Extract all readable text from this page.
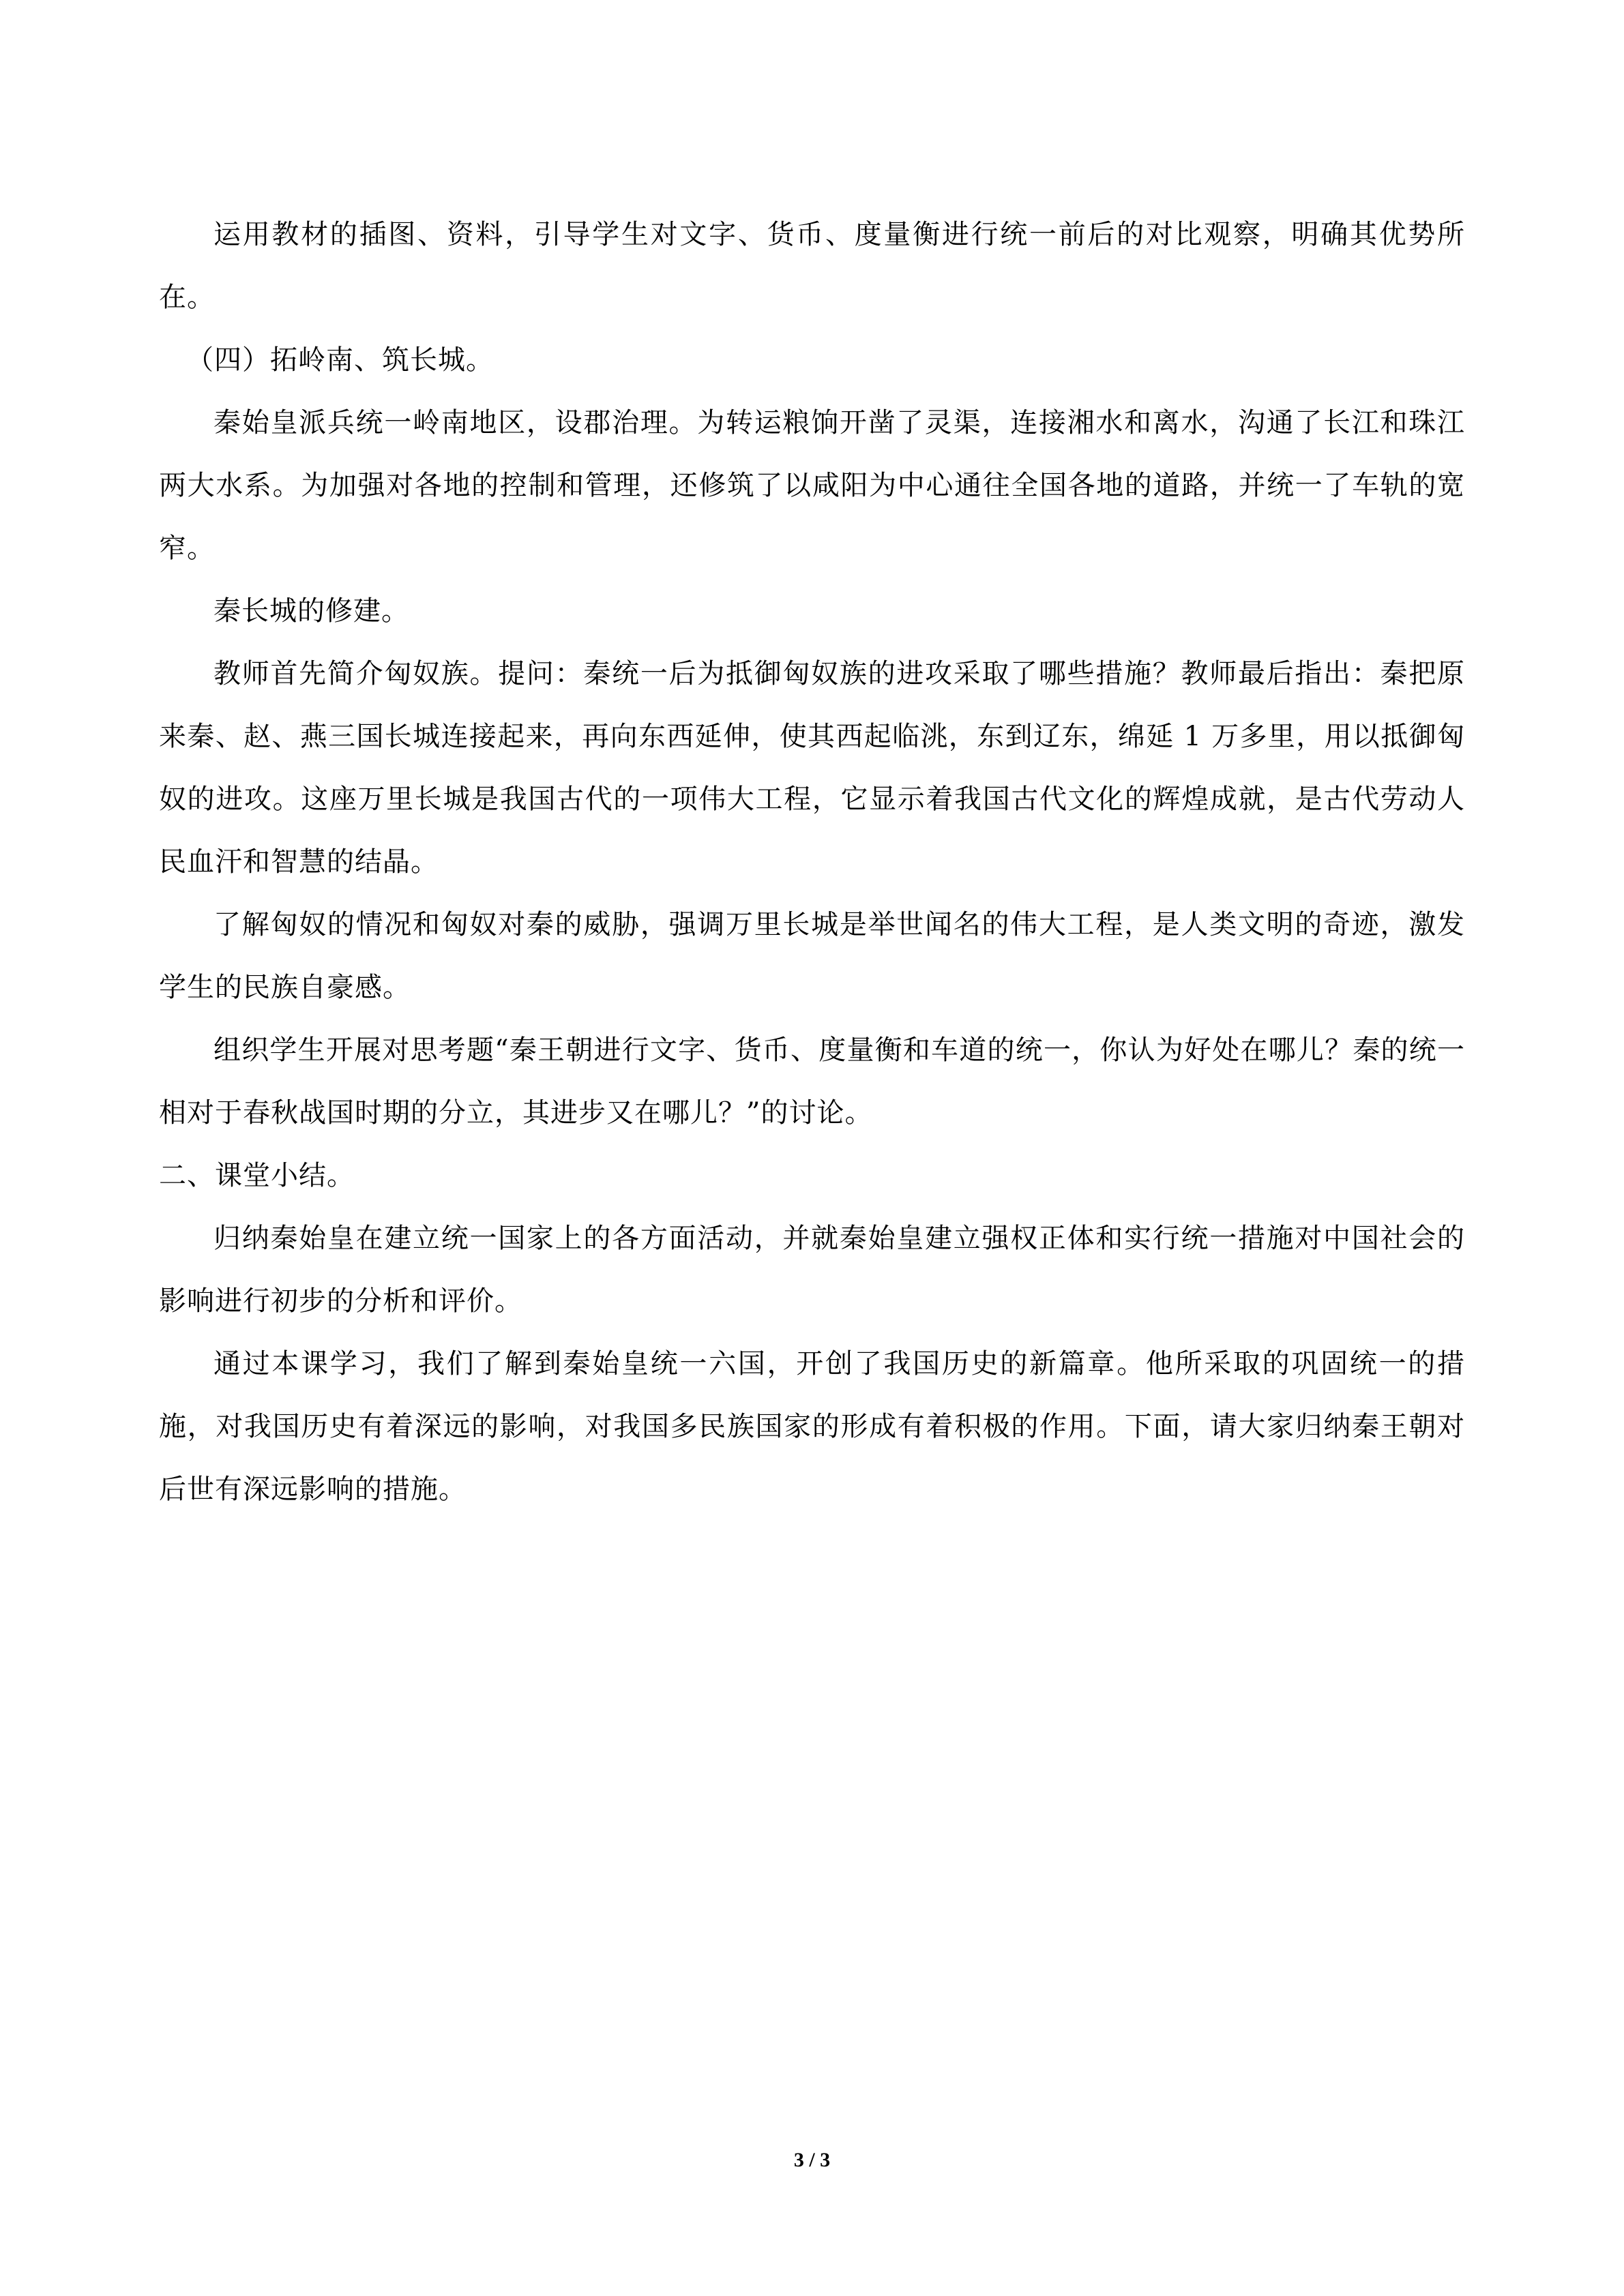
运用教材的插图、资料，引导学生对文字、货币、度量衡进行统一前后的对比观察，明确其优势所在。

（四）拓岭南、筑长城。

秦始皇派兵统一岭南地区，设郡治理。为转运粮饷开凿了灵渠，连接湘水和离水，沟通了长江和珠江两大水系。为加强对各地的控制和管理，还修筑了以咸阳为中心通往全国各地的道路，并统一了车轨的宽窄。

秦长城的修建。

教师首先简介匈奴族。提问：秦统一后为抵御匈奴族的进攻采取了哪些措施？教师最后指出：秦把原来秦、赵、燕三国长城连接起来，再向东西延伸，使其西起临洮，东到辽东，绵延 1 万多里，用以抵御匈奴的进攻。这座万里长城是我国古代的一项伟大工程，它显示着我国古代文化的辉煌成就，是古代劳动人民血汗和智慧的结晶。

了解匈奴的情况和匈奴对秦的威胁，强调万里长城是举世闻名的伟大工程，是人类文明的奇迹，激发学生的民族自豪感。

组织学生开展对思考题“秦王朝进行文字、货币、度量衡和车道的统一，你认为好处在哪儿？秦的统一相对于春秋战国时期的分立，其进步又在哪儿？”的讨论。

二、课堂小结。

归纳秦始皇在建立统一国家上的各方面活动，并就秦始皇建立强权正体和实行统一措施对中国社会的影响进行初步的分析和评价。

通过本课学习，我们了解到秦始皇统一六国，开创了我国历史的新篇章。他所采取的巩固统一的措施，对我国历史有着深远的影响，对我国多民族国家的形成有着积极的作用。下面，请大家归纳秦王朝对后世有深远影响的措施。

3 / 3
